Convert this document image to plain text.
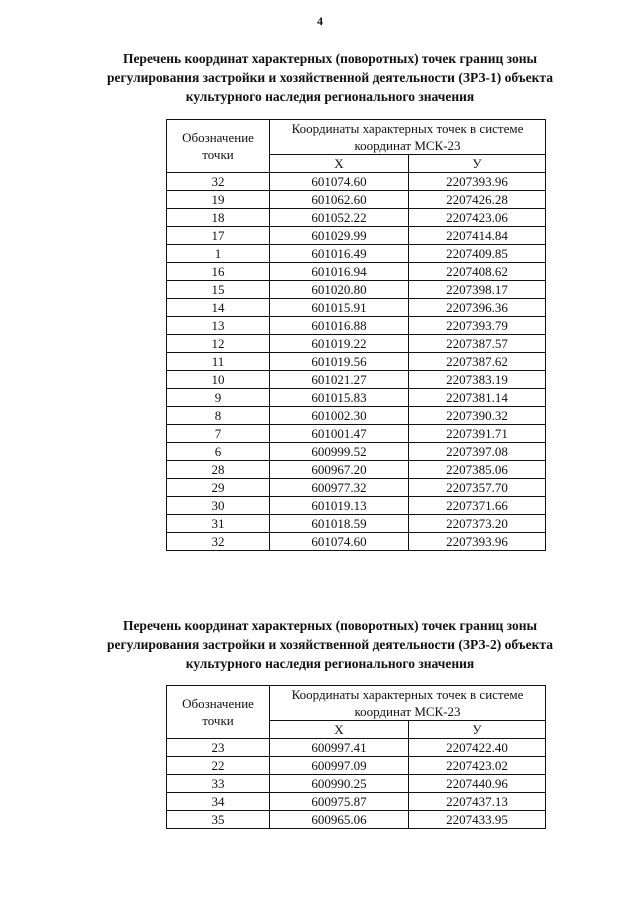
4
Перечень координат характерных (поворотных) точек границ зоны регулирования застройки и хозяйственной деятельности (ЗРЗ-1) объекта культурного наследия регионального значения
Обозначение точки	Координаты характерных точек в системе координат МСК-23	
	X	У
32	601074.60	2207393.96
19	601062.60	2207426.28
18	601052.22	2207423.06
17	601029.99	2207414.84
1	601016.49	2207409.85
16	601016.94	2207408.62
15	601020.80	2207398.17
14	601015.91	2207396.36
13	601016.88	2207393.79
12	601019.22	2207387.57
11	601019.56	2207387.62
10	601021.27	2207383.19
9	601015.83	2207381.14
8	601002.30	2207390.32
7	601001.47	2207391.71
6	600999.52	2207397.08
28	600967.20	2207385.06
29	600977.32	2207357.70
30	601019.13	2207371.66
31	601018.59	2207373.20
32	601074.60	2207393.96
Перечень координат характерных (поворотных) точек границ зоны регулирования застройки и хозяйственной деятельности (ЗРЗ-2) объекта культурного наследия регионального значения
Обозначение точки	Координаты характерных точек в системе координат МСК-23	
	X	У
23	600997.41	2207422.40
22	600997.09	2207423.02
33	600990.25	2207440.96
34	600975.87	2207437.13
35	600965.06	2207433.95
